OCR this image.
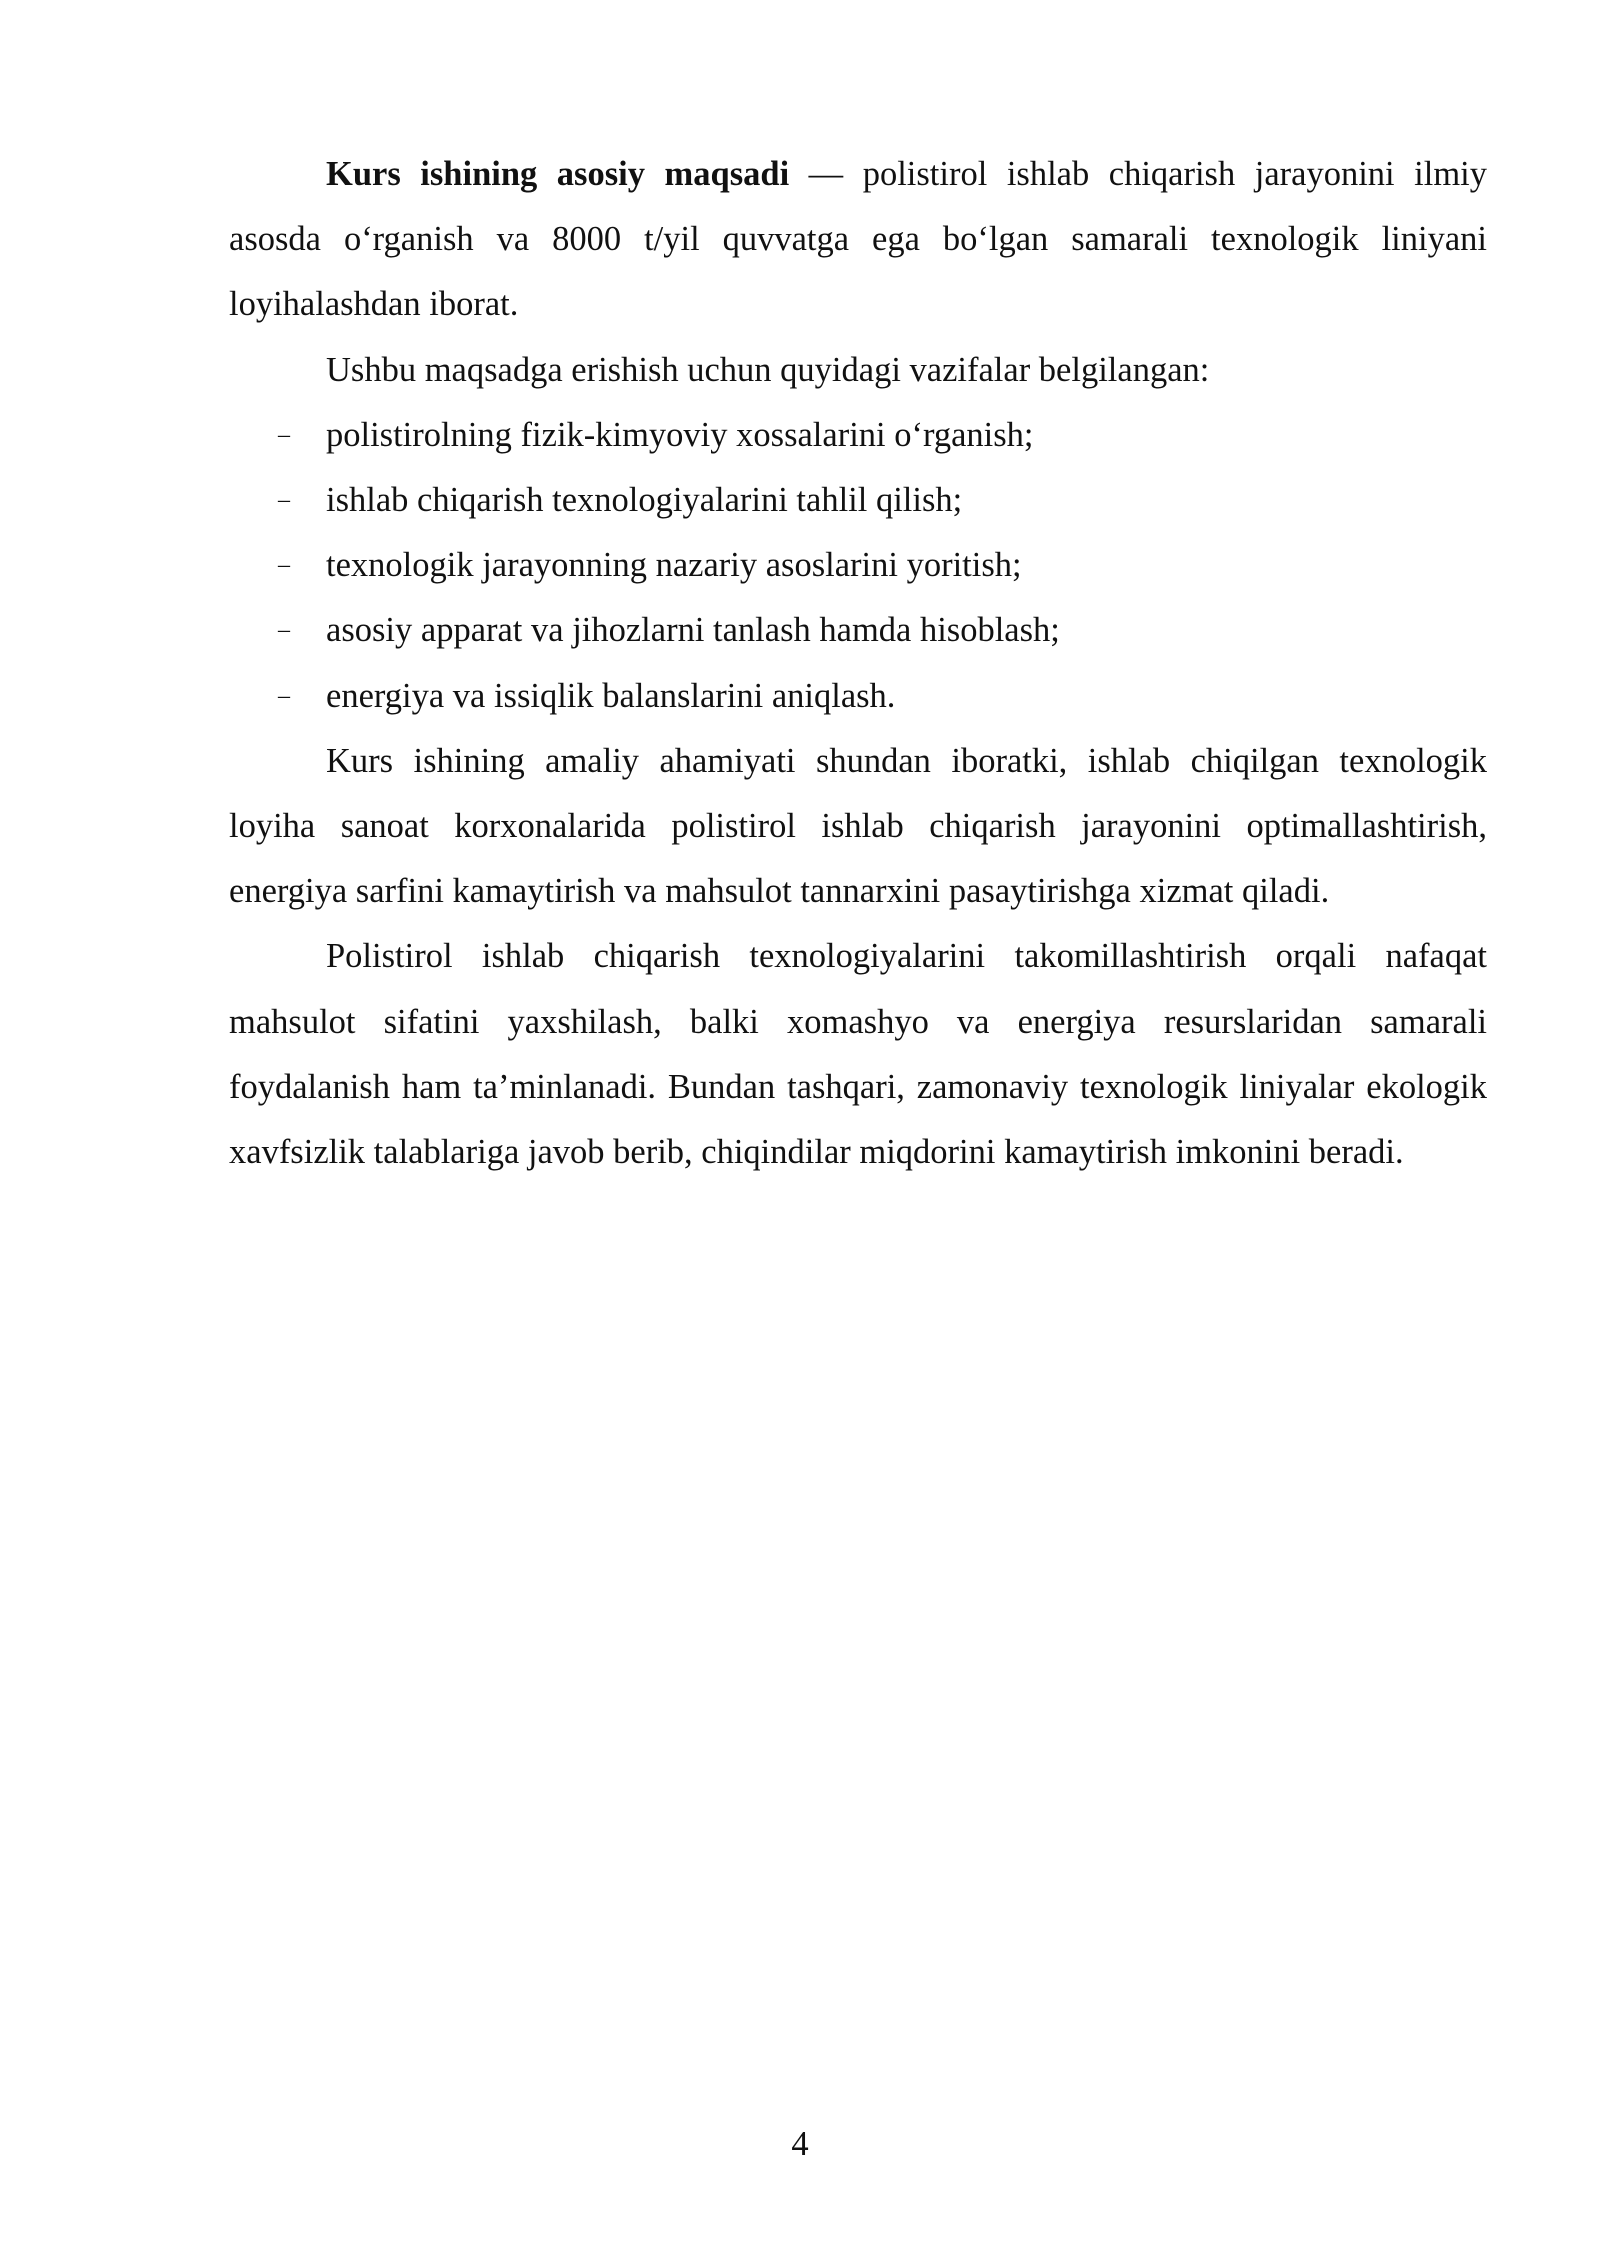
Kurs ishining asosiy maqsadi — polistirol ishlab chiqarish jarayonini ilmiy asosda o‘rganish va 8000 t/yil quvvatga ega bo‘lgan samarali texnologik liniyani loyihalashdan iborat.

Ushbu maqsadga erishish uchun quyidagi vazifalar belgilangan:

– polistirolning fizik-kimyoviy xossalarini o‘rganish;
– ishlab chiqarish texnologiyalarini tahlil qilish;
– texnologik jarayonning nazariy asoslarini yoritish;
– asosiy apparat va jihozlarni tanlash hamda hisoblash;
– energiya va issiqlik balanslarini aniqlash.

Kurs ishining amaliy ahamiyati shundan iboratki, ishlab chiqilgan texnologik loyiha sanoat korxonalarida polistirol ishlab chiqarish jarayonini optimallashtirish, energiya sarfini kamaytirish va mahsulot tannarxini pasaytirishga xizmat qiladi.

Polistirol ishlab chiqarish texnologiyalarini takomillashtirish orqali nafaqat mahsulot sifatini yaxshilash, balki xomashyo va energiya resurslaridan samarali foydalanish ham ta’minlanadi. Bundan tashqari, zamonaviy texnologik liniyalar ekologik xavfsizlik talablariga javob berib, chiqindilar miqdorini kamaytirish imkonini beradi.

4
